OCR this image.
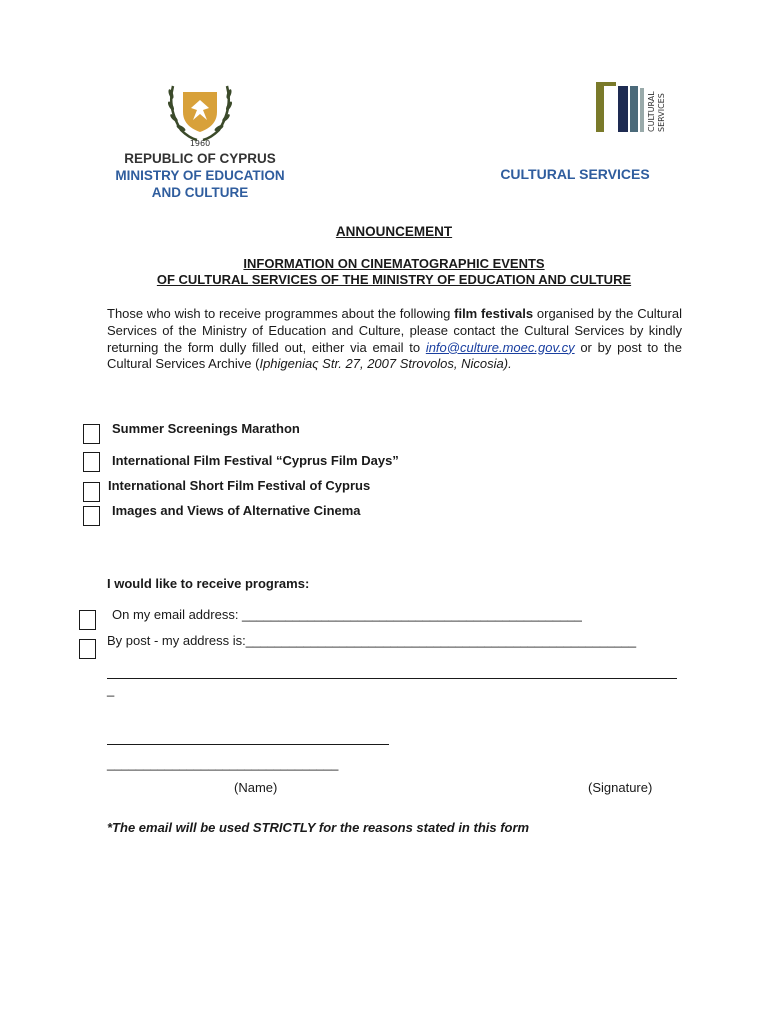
1960
CULTURAL SERVICES
REPUBLIC OF CYPRUS
MINISTRY OF EDUCATION
AND CULTURE
CULTURAL SERVICES
ANNOUNCEMENT
INFORMATION ON CINEMATOGRAPHIC EVENTS
OF CULTURAL SERVICES OF THE MINISTRY OF EDUCATION AND CULTURE
Those who wish to receive programmes about the following film festivals organised by the Cultural Services of the Ministry of Education and Culture, please contact the Cultural Services by kindly returning the form dully filled out, either via email to info@culture.moec.gov.cy or by post to the Cultural Services Archive (Iphigeniaς Str. 27, 2007 Strovolos, Nicosia).
Summer Screenings Marathon
International Film Festival “Cyprus Film Days”
International Short Film Festival of Cyprus
Images and Views of Alternative Cinema
I would like to receive programs:
On my email address: _______________________________________________
By post - my address is:______________________________________________________
_
________________________________
(Name)	(Signature)
*The email will be used STRICTLY for the reasons stated in this form
